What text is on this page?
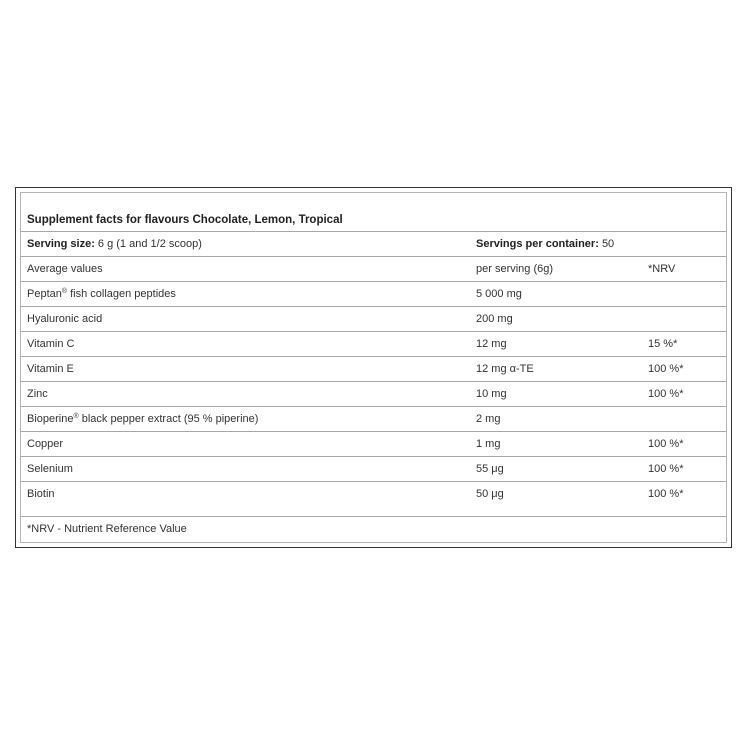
Supplement facts for flavours Chocolate, Lemon, Tropical
Serving size: 6 g (1 and 1/2 scoop)	Servings per container: 50
Average values	per serving (6g)	*NRV
Peptan® fish collagen peptides	5 000 mg
Hyaluronic acid	200 mg
Vitamin C	12 mg	15 %*
Vitamin E	12 mg α-TE	100 %*
Zinc	10 mg	100 %*
Bioperine® black pepper extract (95 % piperine)	2 mg
Copper	1 mg	100 %*
Selenium	55 μg	100 %*
Biotin	50 μg	100 %*
*NRV - Nutrient Reference Value
